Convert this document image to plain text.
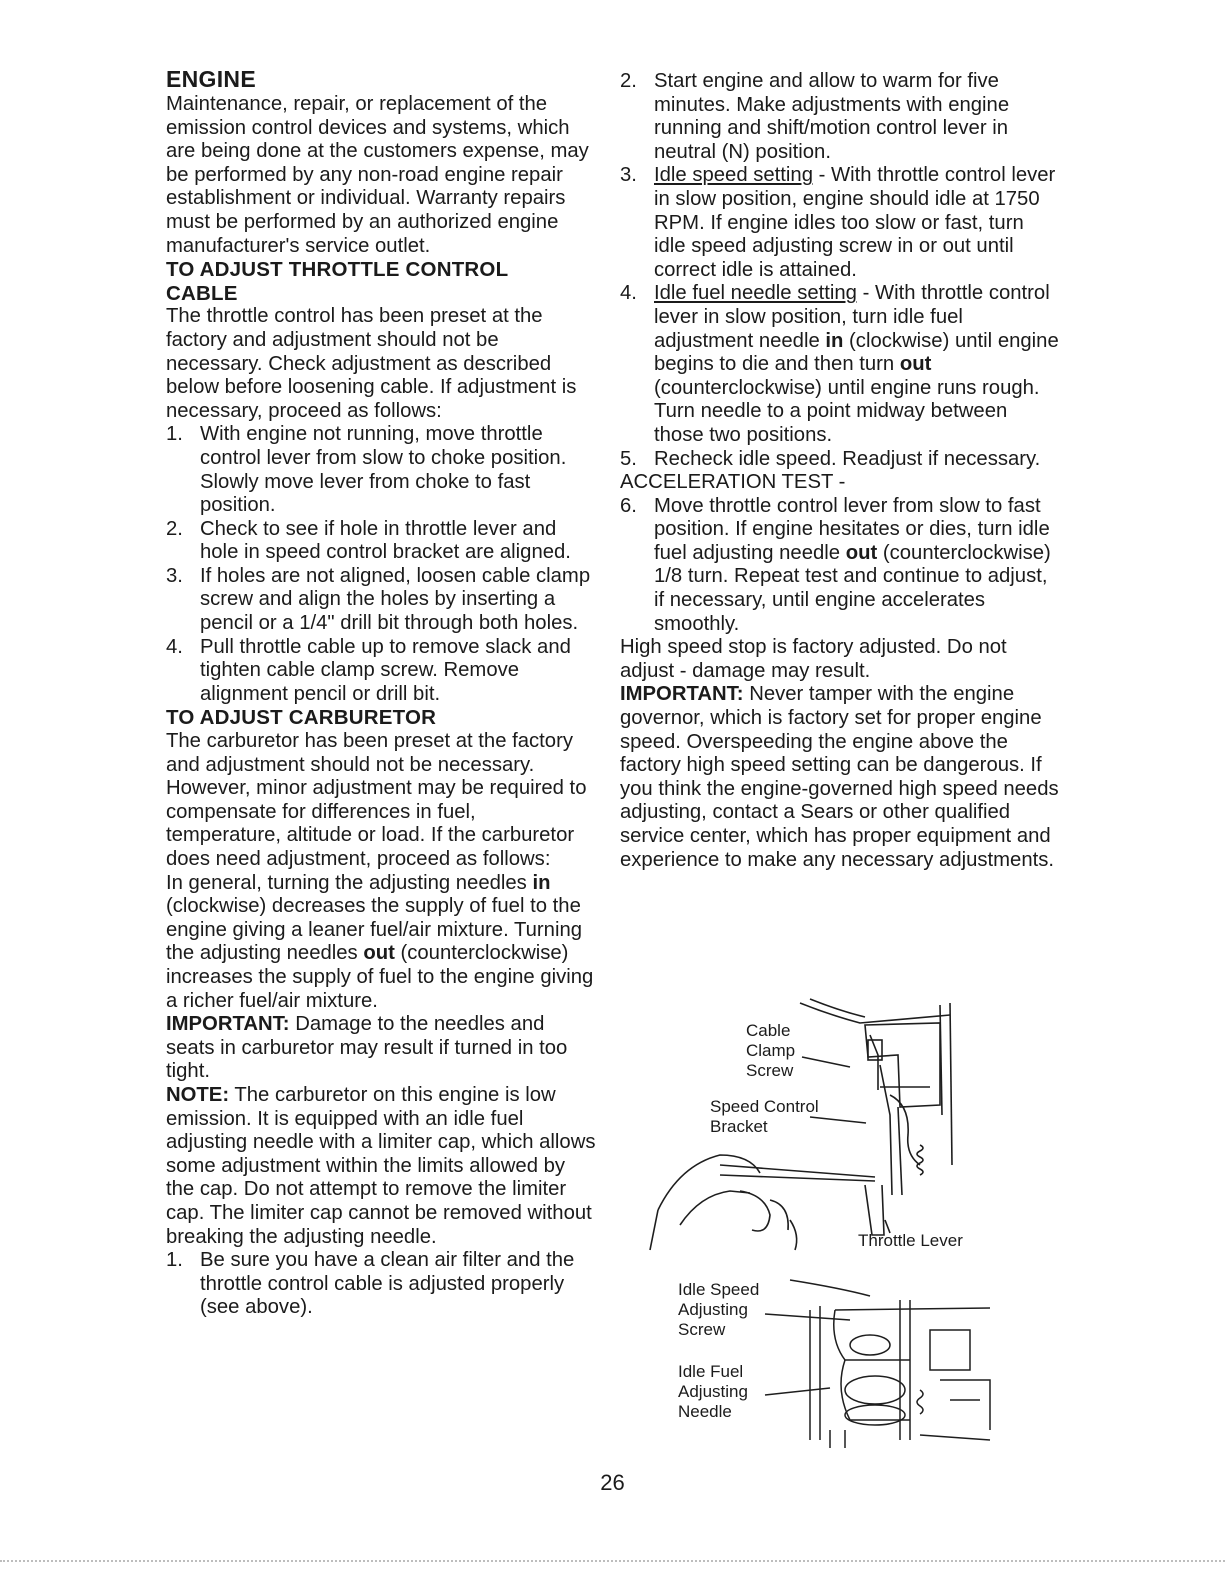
ENGINE

Maintenance, repair, or replacement of the emission control devices and systems, which are being done at the customers expense, may be performed by any non-road engine repair establishment or individual. Warranty repairs must be performed by an authorized engine manufacturer's service outlet.

TO ADJUST THROTTLE CONTROL
CABLE

The throttle control has been preset at the factory and adjustment should not be necessary. Check adjustment as described below before loosening cable. If adjustment is necessary, proceed as follows:

1. With engine not running, move throttle control lever from slow to choke position. Slowly move lever from choke to fast position.
2. Check to see if hole in throttle lever and hole in speed control bracket are aligned.
3. If holes are not aligned, loosen cable clamp screw and align the holes by inserting a pencil or a 1/4" drill bit through both holes.
4. Pull throttle cable up to remove slack and tighten cable clamp screw. Remove alignment pencil or drill bit.
TO ADJUST CARBURETOR

The carburetor has been preset at the factory and adjustment should not be necessary. However, minor adjustment may be required to compensate for differences in fuel, temperature, altitude or load. If the carburetor does need adjustment, proceed as follows:

In general, turning the adjusting needles in (clockwise) decreases the supply of fuel to the engine giving a leaner fuel/air mixture. Turning the adjusting needles out (counterclockwise) increases the supply of fuel to the engine giving a richer fuel/air mixture.

IMPORTANT: Damage to the needles and seats in carburetor may result if turned in too tight.

NOTE: The carburetor on this engine is low emission. It is equipped with an idle fuel adjusting needle with a limiter cap, which allows some adjustment within the limits allowed by the cap. Do not attempt to remove the limiter cap. The limiter cap cannot be removed without breaking the adjusting needle.

1. Be sure you have a clean air filter and the throttle control cable is adjusted properly (see above).
2. Start engine and allow to warm for five minutes. Make adjustments with engine running and shift/motion control lever in neutral (N) position.
3. Idle speed setting - With throttle control lever in slow position, engine should idle at 1750 RPM. If engine idles too slow or fast, turn idle speed adjusting screw in or out until correct idle is attained.
4. Idle fuel needle setting - With throttle control lever in slow position, turn idle fuel adjustment needle in (clockwise) until engine begins to die and then turn out (counterclockwise) until engine runs rough. Turn needle to a point midway between those two positions.
5. Recheck idle speed. Readjust if necessary.
ACCELERATION TEST -
6. Move throttle control lever from slow to fast position. If engine hesitates or dies, turn idle fuel adjusting needle out (counterclockwise) 1/8 turn. Repeat test and continue to adjust, if necessary, until engine accelerates smoothly.

High speed stop is factory adjusted. Do not adjust - damage may result.

IMPORTANT: Never tamper with the engine governor, which is factory set for proper engine speed. Overspeeding the engine above the factory high speed setting can be dangerous. If you think the engine-governed high speed needs adjusting, contact a Sears or other qualified service center, which has proper equipment and experience to make any necessary adjustments.

Cable
Clamp
Screw
Speed Control
Bracket
Throttle Lever
Idle Speed
Adjusting
Screw
Idle Fuel
Adjusting
Needle
26
